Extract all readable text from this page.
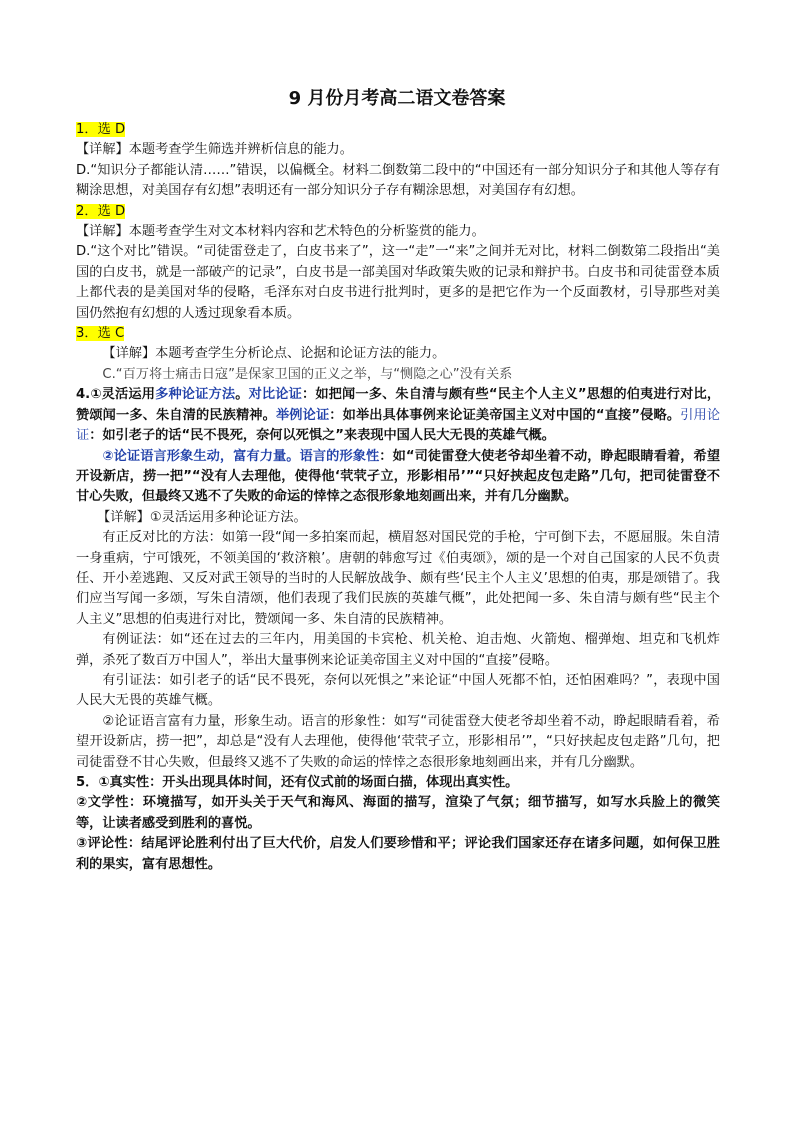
9 月份月考高二语文卷答案

1．选 D

【详解】本题考查学生筛选并辨析信息的能力。

D.“知识分子都能认清……”错误，以偏概全。材料二倒数第二段中的“中国还有一部分知识分子和其他人等存有糊涂思想，对美国存有幻想”表明还有一部分知识分子存有糊涂思想，对美国存有幻想。

2．选 D

【详解】本题考查学生对文本材料内容和艺术特色的分析鉴赏的能力。

D.“这个对比”错误。“司徒雷登走了，白皮书来了”，这一“走”一“来”之间并无对比，材料二倒数第二段指出“美国的白皮书，就是一部破产的记录”，白皮书是一部美国对华政策失败的记录和辩护书。白皮书和司徒雷登本质上都代表的是美国对华的侵略，毛泽东对白皮书进行批判时，更多的是把它作为一个反面教材，引导那些对美国仍然抱有幻想的人透过现象看本质。

3．选 C

【详解】本题考查学生分析论点、论据和论证方法的能力。

C.“百万将士痛击日寇”是保家卫国的正义之举，与“恻隐之心”没有关系

4.①灵活运用多种论证方法。对比论证：如把闻一多、朱自清与颇有些“民主个人主义”思想的伯夷进行对比，赞颂闻一多、朱自清的民族精神。举例论证：如举出具体事例来论证美帝国主义对中国的“直接”侵略。引用论证：如引老子的话“民不畏死，奈何以死惧之”来表现中国人民大无畏的英雄气概。

②论证语言形象生动，富有力量。语言的形象性：如“司徒雷登大使老爷却坐着不动，睁起眼睛看着，希望开设新店，捞一把”“没有人去理他，使得他‘茕茕孑立，形影相吊’”“只好挟起皮包走路”几句，把司徒雷登不甘心失败，但最终又逃不了失败的命运的悻悻之态很形象地刻画出来，并有几分幽默。

【详解】①灵活运用多种论证方法。

有正反对比的方法：如第一段“闻一多拍案而起，横眉怒对国民党的手枪，宁可倒下去，不愿屈服。朱自清一身重病，宁可饿死，不领美国的‘救济粮’。唐朝的韩愈写过《伯夷颂》，颂的是一个对自己国家的人民不负责任、开小差逃跑、又反对武王领导的当时的人民解放战争、颇有些‘民主个人主义’思想的伯夷，那是颂错了。我们应当写闻一多颂，写朱自清颂，他们表现了我们民族的英雄气概”，此处把闻一多、朱自清与颇有些“民主个人主义”思想的伯夷进行对比，赞颂闻一多、朱自清的民族精神。

有例证法：如“还在过去的三年内，用美国的卡宾枪、机关枪、迫击炮、火箭炮、榴弹炮、坦克和飞机炸弹，杀死了数百万中国人”，举出大量事例来论证美帝国主义对中国的“直接”侵略。

有引证法：如引老子的话“民不畏死，奈何以死惧之”来论证“中国人死都不怕，还怕困难吗？”，表现中国人民大无畏的英雄气概。

②论证语言富有力量，形象生动。语言的形象性：如写“司徒雷登大使老爷却坐着不动，睁起眼睛看着，希望开设新店，捞一把”，却总是“没有人去理他，使得他‘茕茕孑立，形影相吊’”，“只好挟起皮包走路”几句，把司徒雷登不甘心失败，但最终又逃不了失败的命运的悻悻之态很形象地刻画出来，并有几分幽默。

5．①真实性：开头出现具体时间，还有仪式前的场面白描，体现出真实性。

②文学性：环境描写，如开头关于天气和海风、海面的描写，渲染了气氛；细节描写，如写水兵脸上的微笑等，让读者感受到胜利的喜悦。

③评论性：结尾评论胜利付出了巨大代价，启发人们要珍惜和平；评论我们国家还存在诸多问题，如何保卫胜利的果实，富有思想性。
